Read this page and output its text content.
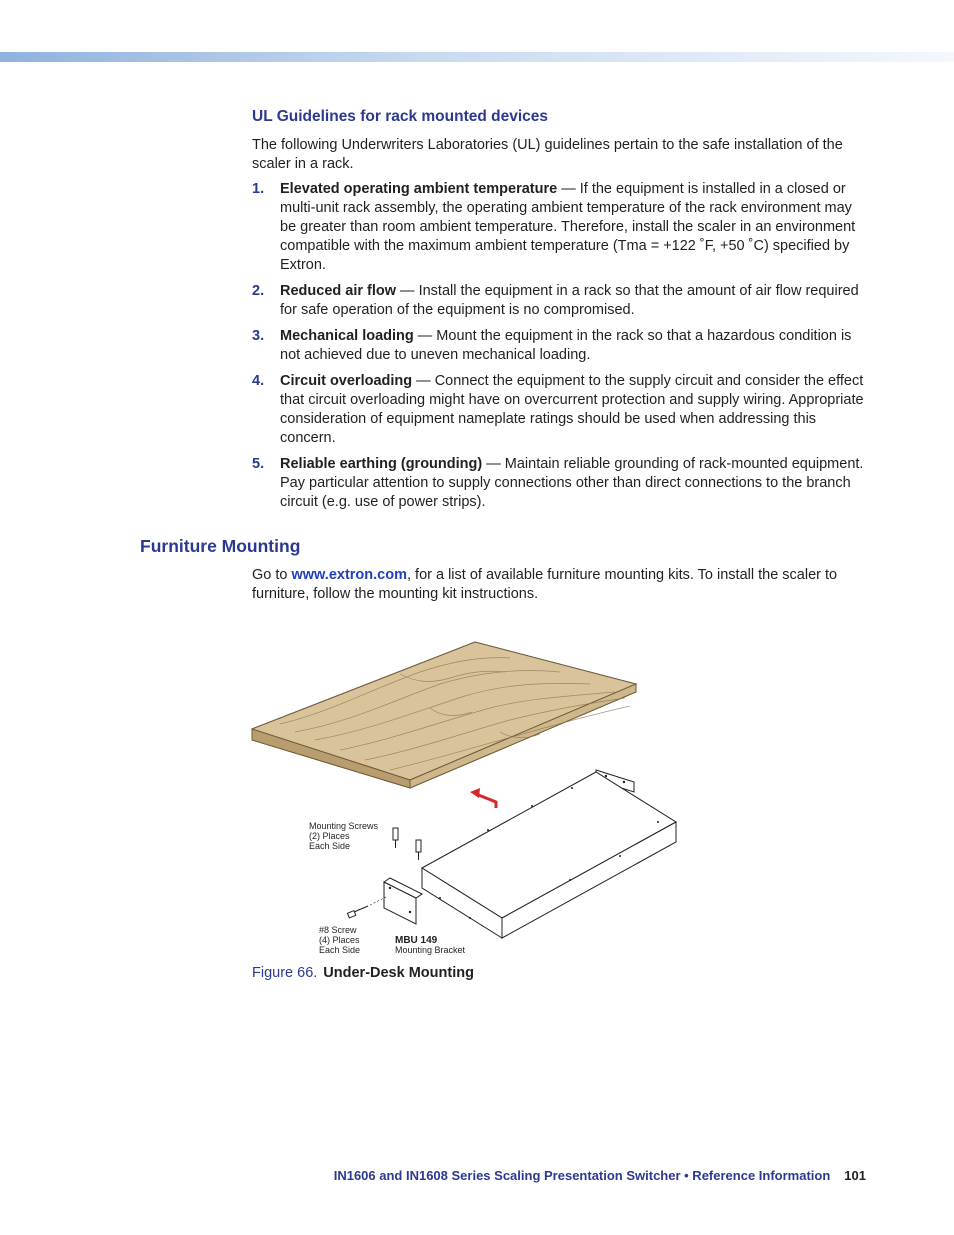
UL Guidelines for rack mounted devices

The following Underwriters Laboratories (UL) guidelines pertain to the safe installation of the scaler in a rack.

1. Elevated operating ambient temperature — If the equipment is installed in a closed or multi-unit rack assembly, the operating ambient temperature of the rack environment may be greater than room ambient temperature. Therefore, install the scaler in an environment compatible with the maximum ambient temperature (Tma = +122 ˚F, +50 ˚C) specified by Extron.
2. Reduced air flow — Install the equipment in a rack so that the amount of air flow required for safe operation of the equipment is no compromised.
3. Mechanical loading — Mount the equipment in the rack so that a hazardous condition is not achieved due to uneven mechanical loading.
4. Circuit overloading — Connect the equipment to the supply circuit and consider the effect that circuit overloading might have on overcurrent protection and supply wiring. Appropriate consideration of equipment nameplate ratings should be used when addressing this concern.
5. Reliable earthing (grounding) — Maintain reliable grounding of rack-mounted equipment. Pay particular attention to supply connections other than direct connections to the branch circuit (e.g. use of power strips).
Furniture Mounting

Go to www.extron.com, for a list of available furniture mounting kits. To install the scaler to furniture, follow the mounting kit instructions.

Mounting Screws
(2) Places
Each Side
#8 Screw
(4) Places
Each Side
MBU 149
Mounting Bracket

Figure 66. Under-Desk Mounting

IN1606 and IN1608 Series Scaling Presentation Switcher • Reference Information 101
